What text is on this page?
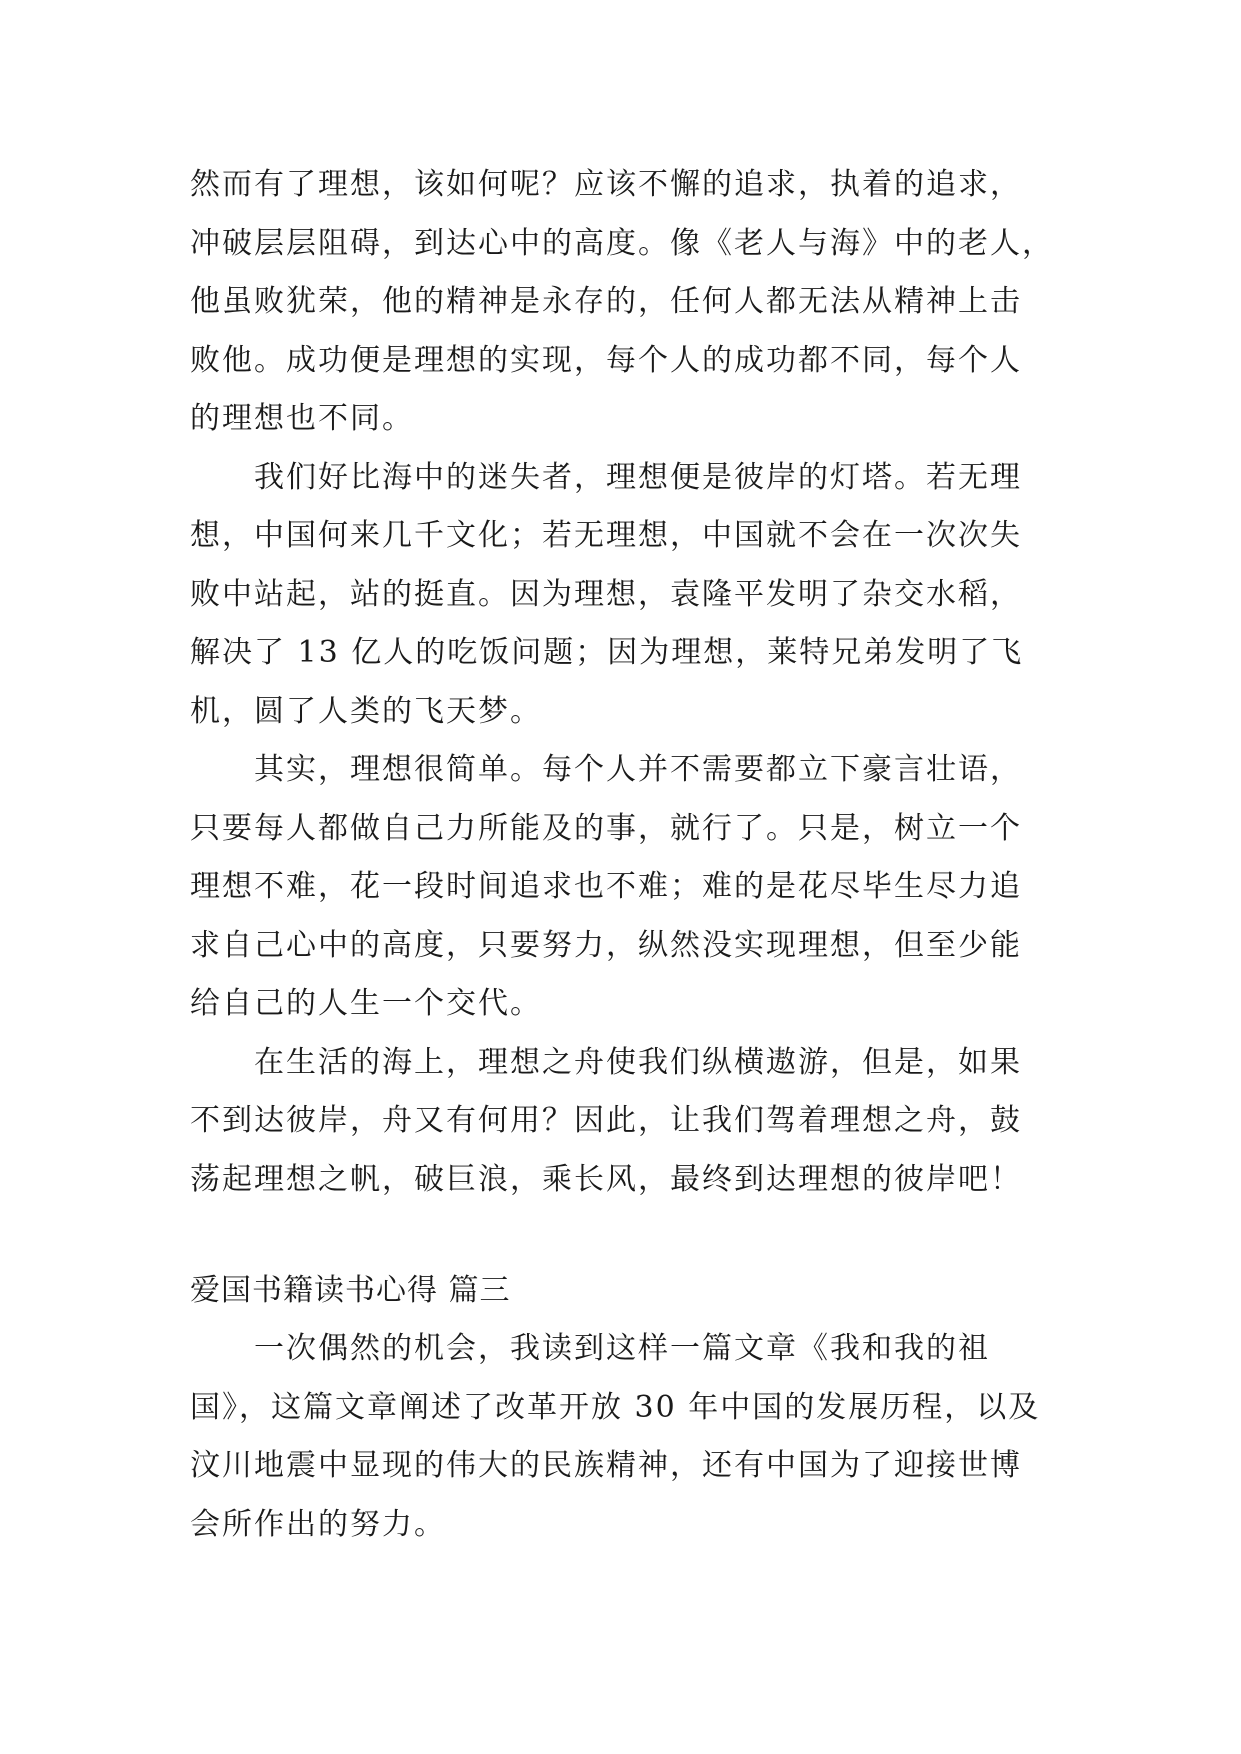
然而有了理想，该如何呢？应该不懈的追求，执着的追求，
冲破层层阻碍，到达心中的高度。像《老人与海》中的老人，
他虽败犹荣，他的精神是永存的，任何人都无法从精神上击
败他。成功便是理想的实现，每个人的成功都不同，每个人
的理想也不同。
　　我们好比海中的迷失者，理想便是彼岸的灯塔。若无理
想，中国何来几千文化；若无理想，中国就不会在一次次失
败中站起，站的挺直。因为理想，袁隆平发明了杂交水稻，
解决了 13 亿人的吃饭问题；因为理想，莱特兄弟发明了飞
机，圆了人类的飞天梦。
　　其实，理想很简单。每个人并不需要都立下豪言壮语，
只要每人都做自己力所能及的事，就行了。只是，树立一个
理想不难，花一段时间追求也不难；难的是花尽毕生尽力追
求自己心中的高度，只要努力，纵然没实现理想，但至少能
给自己的人生一个交代。
　　在生活的海上，理想之舟使我们纵横遨游，但是，如果
不到达彼岸，舟又有何用？因此，让我们驾着理想之舟，鼓
荡起理想之帆，破巨浪，乘长风，最终到达理想的彼岸吧！
爱国书籍读书心得 篇三
　　一次偶然的机会，我读到这样一篇文章《我和我的祖
国》，这篇文章阐述了改革开放 30 年中国的发展历程，以及
汶川地震中显现的伟大的民族精神，还有中国为了迎接世博
会所作出的努力。
